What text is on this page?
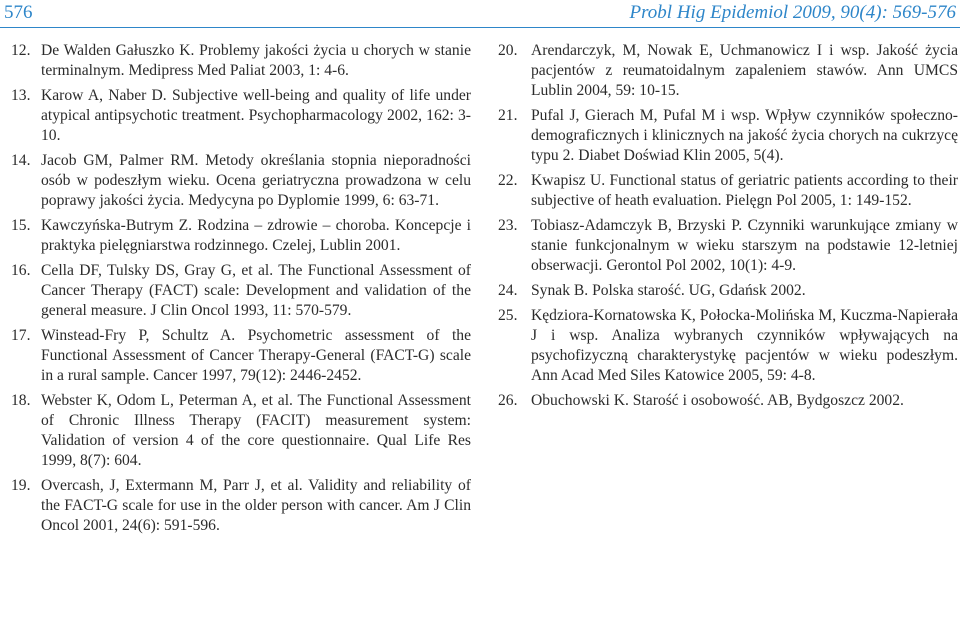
576	Probl Hig Epidemiol 2009, 90(4): 569-576
12. De Walden Gałuszko K. Problemy jakości życia u chorych w stanie terminalnym. Medipress Med Paliat 2003, 1: 4-6.
13. Karow A, Naber D. Subjective well-being and quality of life under atypical antipsychotic treatment. Psychopharmacology 2002, 162: 3-10.
14. Jacob GM, Palmer RM. Metody określania stopnia nieporadności osób w podeszłym wieku. Ocena geriatryczna prowadzona w celu poprawy jakości życia. Medycyna po Dyplomie 1999, 6: 63-71.
15. Kawczyńska-Butrym Z. Rodzina – zdrowie – choroba. Koncepcje i praktyka pielęgniarstwa rodzinnego. Czelej, Lublin 2001.
16. Cella DF, Tulsky DS, Gray G, et al. The Functional Assessment of Cancer Therapy (FACT) scale: Development and validation of the general measure. J Clin Oncol 1993, 11: 570-579.
17. Winstead-Fry P, Schultz A. Psychometric assessment of the Functional Assessment of Cancer Therapy-General (FACT-G) scale in a rural sample. Cancer 1997, 79(12): 2446-2452.
18. Webster K, Odom L, Peterman A, et al. The Functional Assessment of Chronic Illness Therapy (FACIT) measurement system: Validation of version 4 of the core questionnaire. Qual Life Res 1999, 8(7): 604.
19. Overcash, J, Extermann M, Parr J, et al. Validity and reliability of the FACT-G scale for use in the older person with cancer. Am J Clin Oncol 2001, 24(6): 591-596.
20. Arendarczyk, M, Nowak E, Uchmanowicz I i wsp. Jakość życia pacjentów z reumatoidalnym zapaleniem stawów. Ann UMCS Lublin 2004, 59: 10-15.
21. Pufal J, Gierach M, Pufal M i wsp. Wpływ czynników społeczno-demograficznych i klinicznych na jakość życia chorych na cukrzycę typu 2. Diabet Doświad Klin 2005, 5(4).
22. Kwapisz U. Functional status of geriatric patients according to their subjective of heath evaluation. Pielęgn Pol 2005, 1: 149-152.
23. Tobiasz-Adamczyk B, Brzyski P. Czynniki warunkujące zmiany w stanie funkcjonalnym w wieku starszym na podstawie 12-letniej obserwacji. Gerontol Pol 2002, 10(1): 4-9.
24. Synak B. Polska starość. UG, Gdańsk 2002.
25. Kędziora-Kornatowska K, Połocka-Molińska M, Kuczma-Napierała J i wsp. Analiza wybranych czynników wpływających na psychofizyczną charakterystykę pacjentów w wieku podeszłym. Ann Acad Med Siles Katowice 2005, 59: 4-8.
26. Obuchowski K. Starość i osobowość. AB, Bydgoszcz 2002.
